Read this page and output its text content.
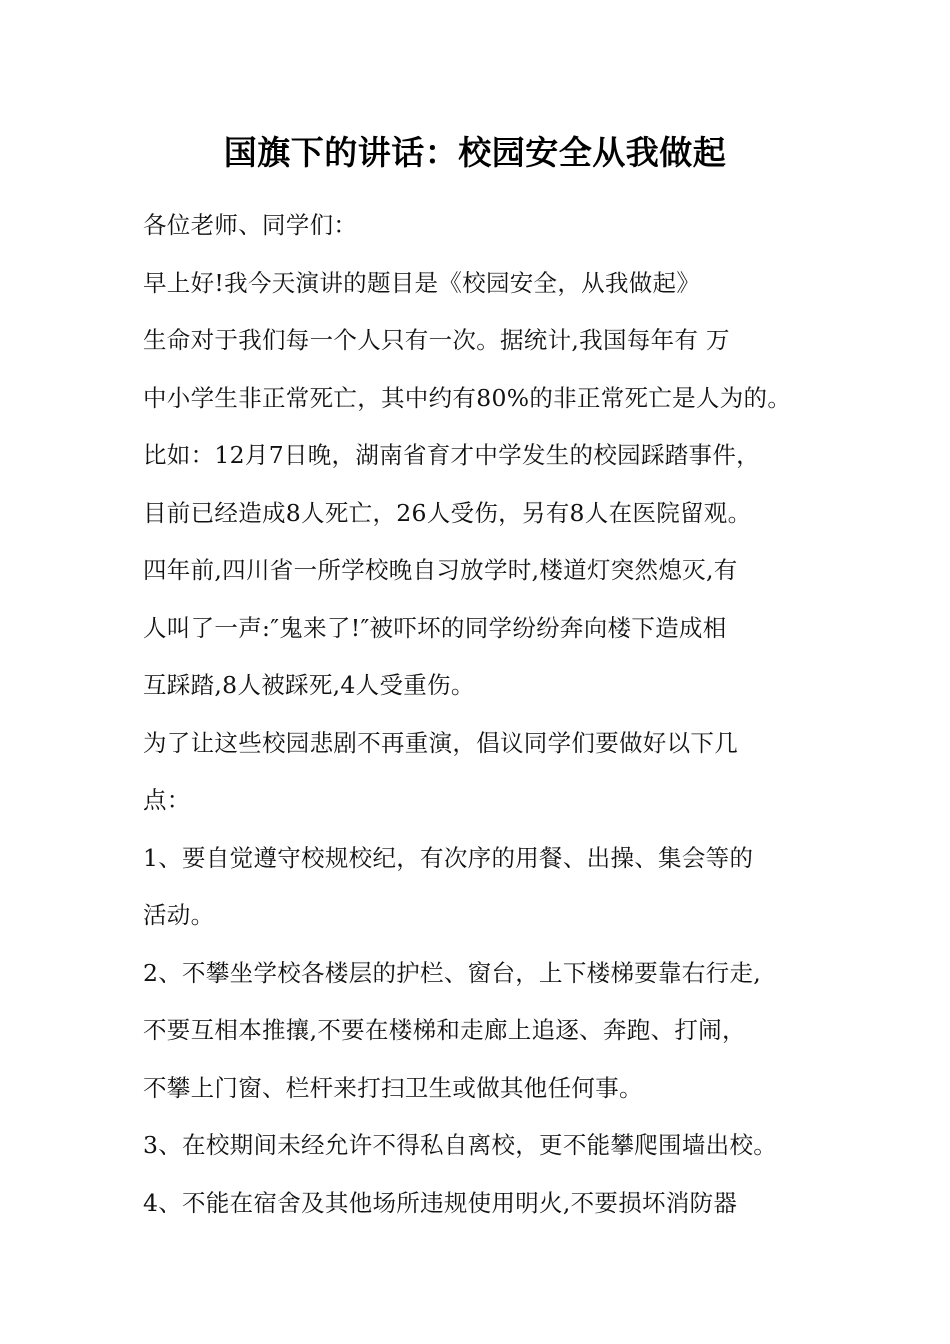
国旗下的讲话：校园安全从我做起
各位老师、同学们：
早上好!我今天演讲的题目是《校园安全，从我做起》
生命对于我们每一个人只有一次。据统计,我国每年有 万
中小学生非正常死亡，其中约有80%的非正常死亡是人为的。
比如：12月7日晚，湖南省育才中学发生的校园踩踏事件，
目前已经造成8人死亡，26人受伤，另有8人在医院留观。
四年前,四川省一所学校晚自习放学时,楼道灯突然熄灭,有
人叫了一声:″鬼来了!″被吓坏的同学纷纷奔向楼下造成相
互踩踏,8人被踩死,4人受重伤。
为了让这些校园悲剧不再重演，倡议同学们要做好以下几
点：
1、要自觉遵守校规校纪，有次序的用餐、出操、集会等的
活动。
2、不攀坐学校各楼层的护栏、窗台，上下楼梯要靠右行走,
不要互相本推攘,不要在楼梯和走廊上追逐、奔跑、打闹，
不攀上门窗、栏杆来打扫卫生或做其他任何事。
3、在校期间未经允许不得私自离校，更不能攀爬围墙出校。
4、不能在宿舍及其他场所违规使用明火,不要损坏消防器
